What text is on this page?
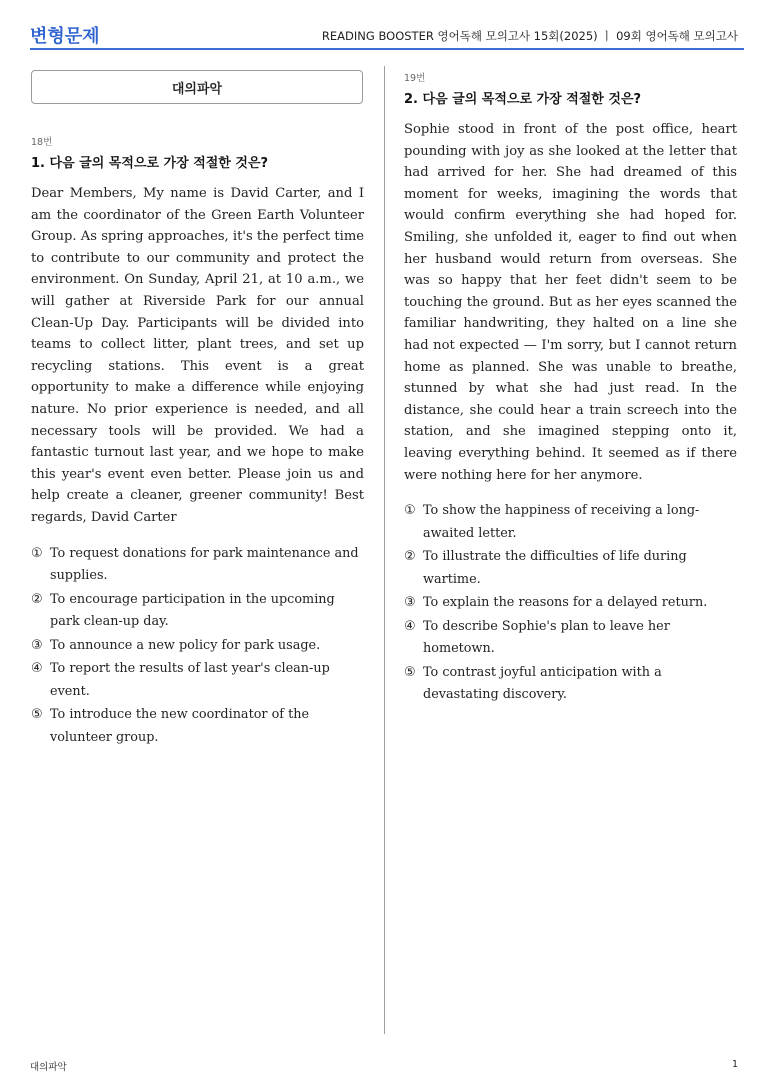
변형문제	READING BOOSTER 영어독해 모의고사 15회(2025) ㅣ 09회 영어독해 모의고사
대의파악
18번
1. 다음 글의 목적으로 가장 적절한 것은?
Dear Members, My name is David Carter, and I am the coordinator of the Green Earth Volunteer Group. As spring approaches, it's the perfect time to contribute to our community and protect the environment. On Sunday, April 21, at 10 a.m., we will gather at Riverside Park for our annual Clean-Up Day. Participants will be divided into teams to collect litter, plant trees, and set up recycling stations. This event is a great opportunity to make a difference while enjoying nature. No prior experience is needed, and all necessary tools will be provided. We had a fantastic turnout last year, and we hope to make this year's event even better. Please join us and help create a cleaner, greener community! Best regards, David Carter
① To request donations for park maintenance and supplies.
② To encourage participation in the upcoming park clean-up day.
③ To announce a new policy for park usage.
④ To report the results of last year's clean-up event.
⑤ To introduce the new coordinator of the volunteer group.
19번
2. 다음 글의 목적으로 가장 적절한 것은?
Sophie stood in front of the post office, heart pounding with joy as she looked at the letter that had arrived for her. She had dreamed of this moment for weeks, imagining the words that would confirm everything she had hoped for. Smiling, she unfolded it, eager to find out when her husband would return from overseas. She was so happy that her feet didn't seem to be touching the ground. But as her eyes scanned the familiar handwriting, they halted on a line she had not expected — I'm sorry, but I cannot return home as planned. She was unable to breathe, stunned by what she had just read. In the distance, she could hear a train screech into the station, and she imagined stepping onto it, leaving everything behind. It seemed as if there were nothing here for her anymore.
① To show the happiness of receiving a long-awaited letter.
② To illustrate the difficulties of life during wartime.
③ To explain the reasons for a delayed return.
④ To describe Sophie's plan to leave her hometown.
⑤ To contrast joyful anticipation with a devastating discovery.
대의파악	1
